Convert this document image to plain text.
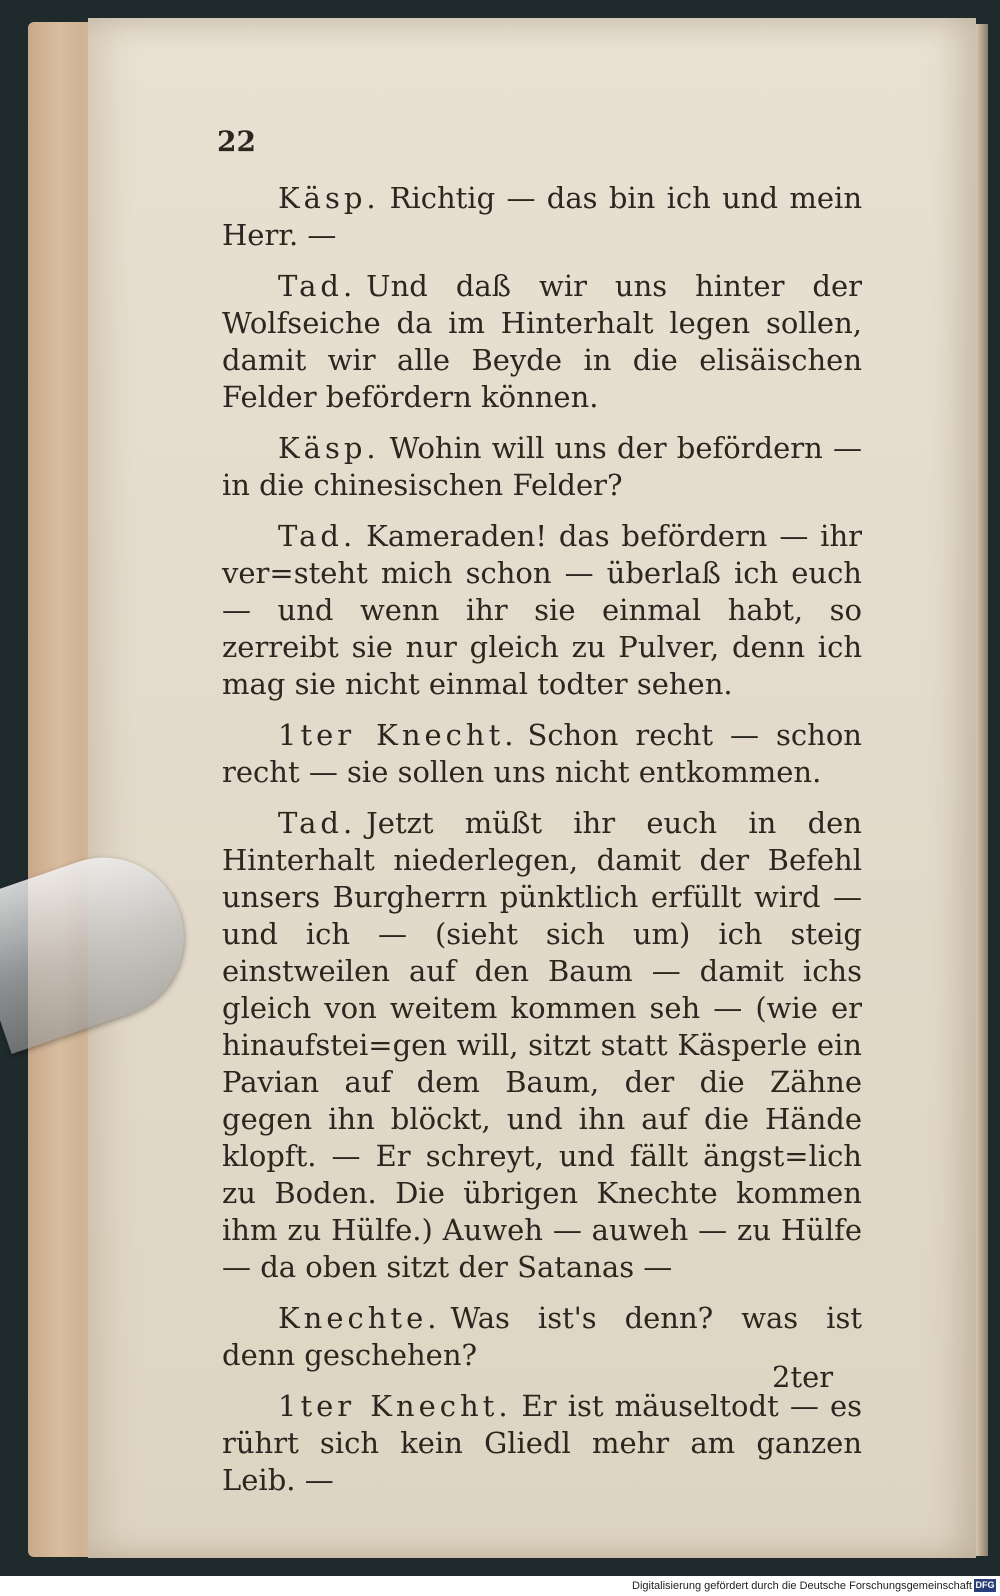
22

Käsp. Richtig — das bin ich und mein Herr. —

Tad. Und daß wir uns hinter der Wolfseiche da im Hinterhalt legen sollen, damit wir alle Beyde in die elisäischen Felder befördern können.

Käsp. Wohin will uns der befördern — in die chinesischen Felder?

Tad. Kameraden! das befördern — ihr ver=steht mich schon — überlaß ich euch — und wenn ihr sie einmal habt, so zerreibt sie nur gleich zu Pulver, denn ich mag sie nicht einmal todter sehen.

1ter Knecht. Schon recht — schon recht — sie sollen uns nicht entkommen.

Tad. Jetzt müßt ihr euch in den Hinterhalt niederlegen, damit der Befehl unsers Burgherrn pünktlich erfüllt wird — und ich — (sieht sich um) ich steig einstweilen auf den Baum — damit ichs gleich von weitem kommen seh — (wie er hinaufstei=gen will, sitzt statt Käsperle ein Pavian auf dem Baum, der die Zähne gegen ihn blöckt, und ihn auf die Hände klopft. — Er schreyt, und fällt ängst=lich zu Boden. Die übrigen Knechte kommen ihm zu Hülfe.) Auweh — auweh — zu Hülfe — da oben sitzt der Satanas —

Knechte. Was ist's denn? was ist denn geschehen?

1ter Knecht. Er ist mäuseltodt — es rührt sich kein Gliedl mehr am ganzen Leib. —

2ter
Digitalisierung gefördert durch die Deutsche Forschungsgemeinschaft DFG
